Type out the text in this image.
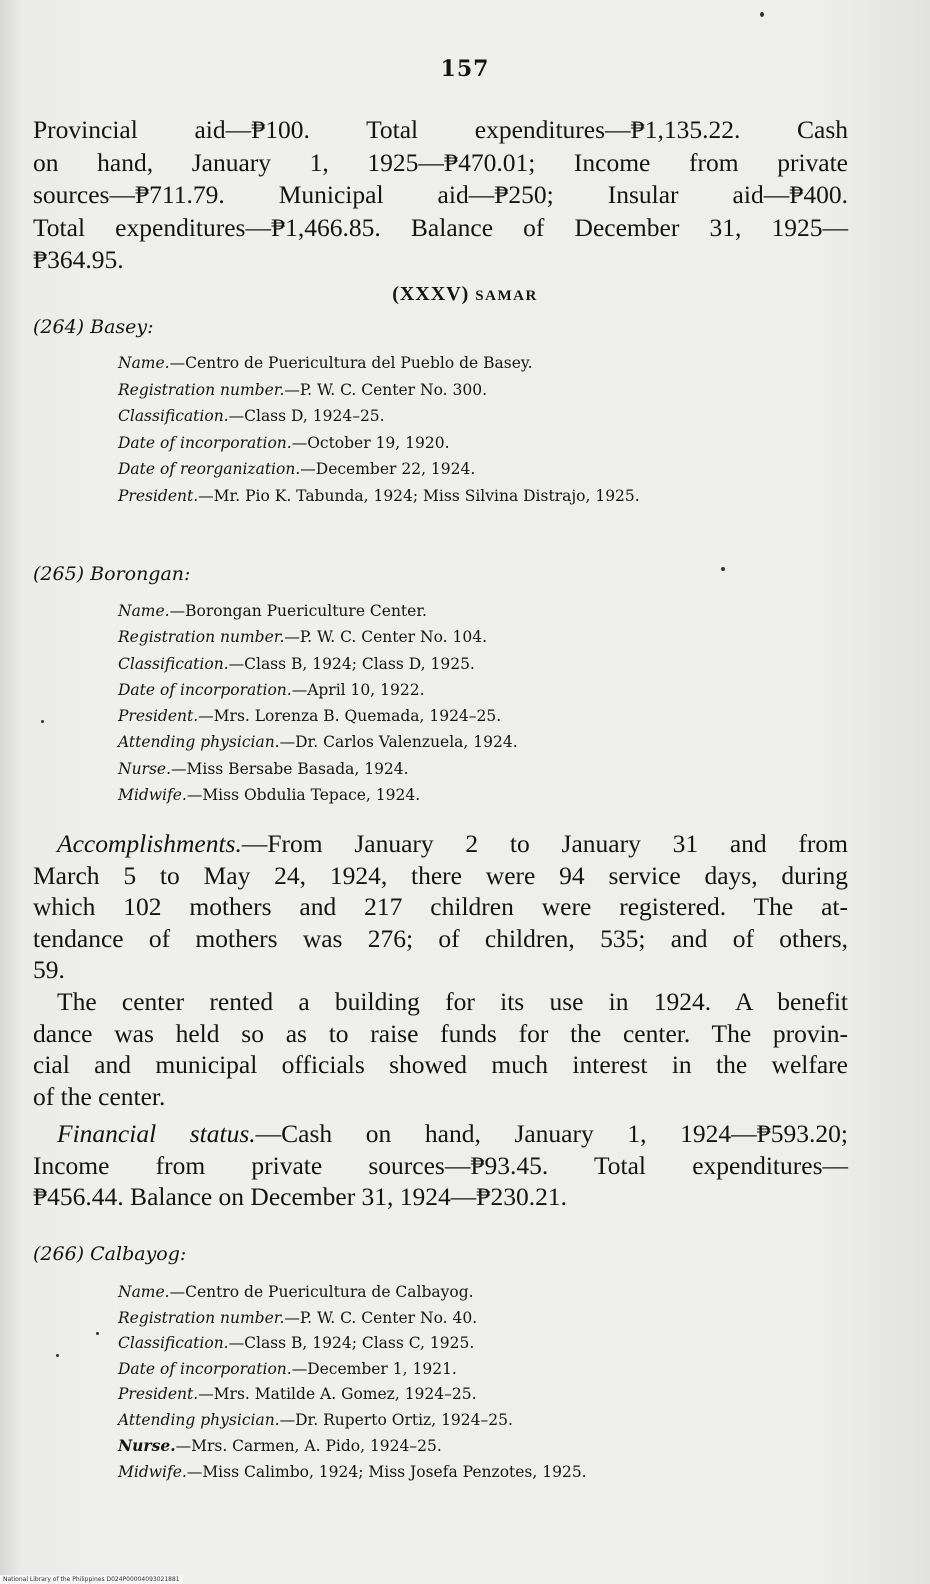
157

Provincial aid—₱100. Total expenditures—₱1,135.22. Cash
on hand, January 1, 1925—₱470.01; Income from private
sources—₱711.79. Municipal aid—₱250; Insular aid—₱400.
Total expenditures—₱1,466.85. Balance of December 31, 1925—
₱364.95.

(XXXV) SAMAR
(264) Basey:
Name.—Centro de Puericultura del Pueblo de Basey.
Registration number.—P. W. C. Center No. 300.
Classification.—Class D, 1924–25.
Date of incorporation.—October 19, 1920.
Date of reorganization.—December 22, 1924.
President.—Mr. Pio K. Tabunda, 1924; Miss Silvina Distrajo, 1925.
(265) Borongan:
Name.—Borongan Puericulture Center.
Registration number.—P. W. C. Center No. 104.
Classification.—Class B, 1924; Class D, 1925.
Date of incorporation.—April 10, 1922.
President.—Mrs. Lorenza B. Quemada, 1924–25.
Attending physician.—Dr. Carlos Valenzuela, 1924.
Nurse.—Miss Bersabe Basada, 1924.
Midwife.—Miss Obdulia Tepace, 1924.

Accomplishments.—From January 2 to January 31 and from
March 5 to May 24, 1924, there were 94 service days, during
which 102 mothers and 217 children were registered. The at-
tendance of mothers was 276; of children, 535; and of others,
59.

The center rented a building for its use in 1924. A benefit
dance was held so as to raise funds for the center. The provin-
cial and municipal officials showed much interest in the welfare
of the center.

Financial status.—Cash on hand, January 1, 1924—₱593.20;
Income from private sources—₱93.45. Total expenditures—
₱456.44. Balance on December 31, 1924—₱230.21.

(266) Calbayog:
Name.—Centro de Puericultura de Calbayog.
Registration number.—P. W. C. Center No. 40.
Classification.—Class B, 1924; Class C, 1925.
Date of incorporation.—December 1, 1921.
President.—Mrs. Matilde A. Gomez, 1924–25.
Attending physician.—Dr. Ruperto Ortiz, 1924–25.
Nurse.—Mrs. Carmen, A. Pido, 1924–25.
Midwife.—Miss Calimbo, 1924; Miss Josefa Penzotes, 1925.
National Library of the Philippines D024P00004093021881
